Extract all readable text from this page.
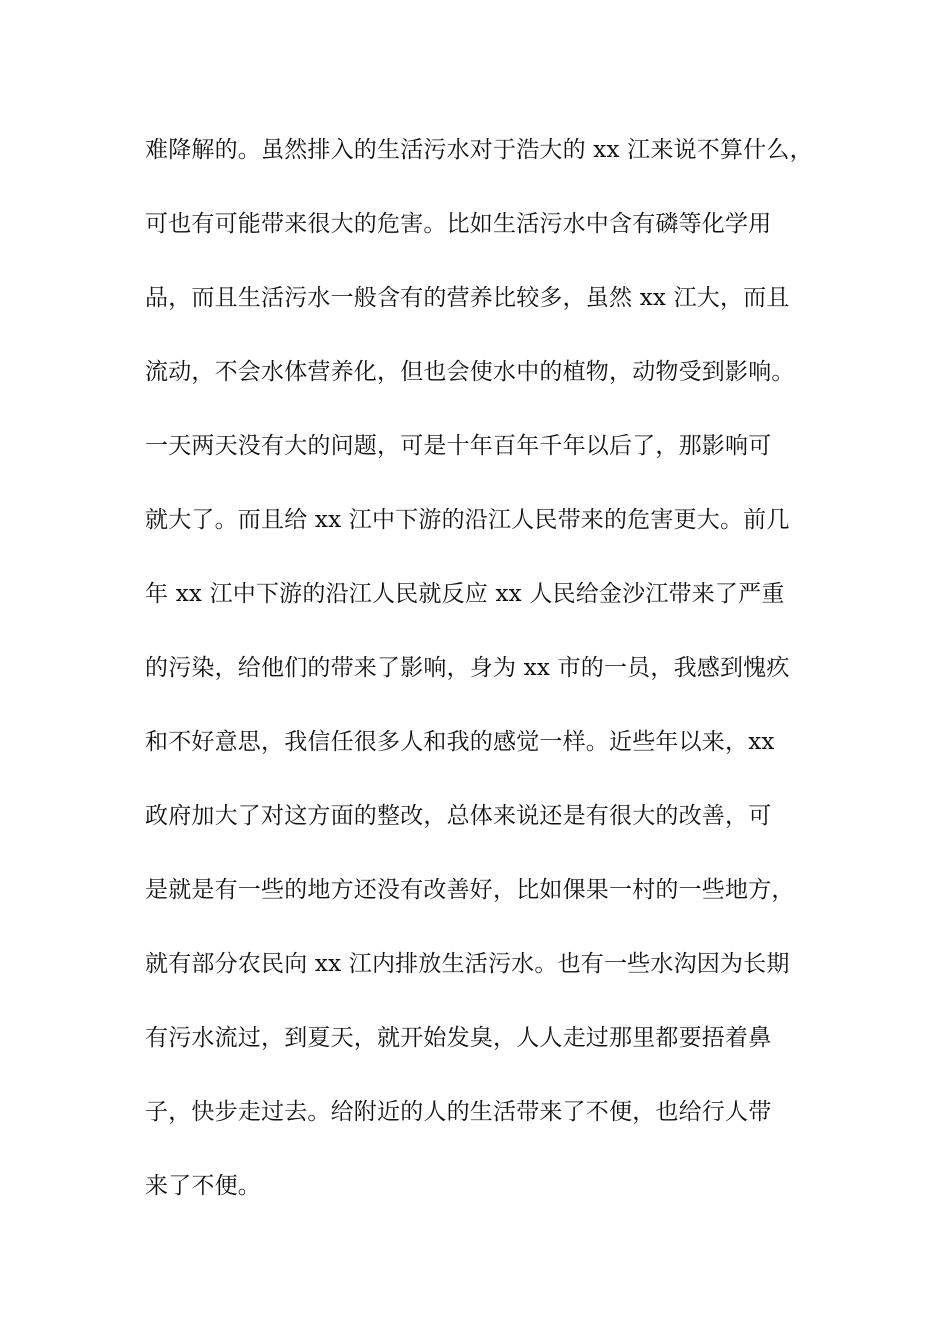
难降解的。虽然排入的生活污水对于浩大的 xx 江来说不算什么，
可也有可能带来很大的危害。比如生活污水中含有磷等化学用
品，而且生活污水一般含有的营养比较多，虽然 xx 江大，而且
流动，不会水体营养化，但也会使水中的植物，动物受到影响。
一天两天没有大的问题，可是十年百年千年以后了，那影响可
就大了。而且给 xx 江中下游的沿江人民带来的危害更大。前几
年 xx 江中下游的沿江人民就反应 xx 人民给金沙江带来了严重
的污染，给他们的带来了影响，身为 xx 市的一员，我感到愧疚
和不好意思，我信任很多人和我的感觉一样。近些年以来，xx
政府加大了对这方面的整改，总体来说还是有很大的改善，可
是就是有一些的地方还没有改善好，比如倮果一村的一些地方，
就有部分农民向 xx 江内排放生活污水。也有一些水沟因为长期
有污水流过，到夏天，就开始发臭，人人走过那里都要捂着鼻
子，快步走过去。给附近的人的生活带来了不便，也给行人带
来了不便。
